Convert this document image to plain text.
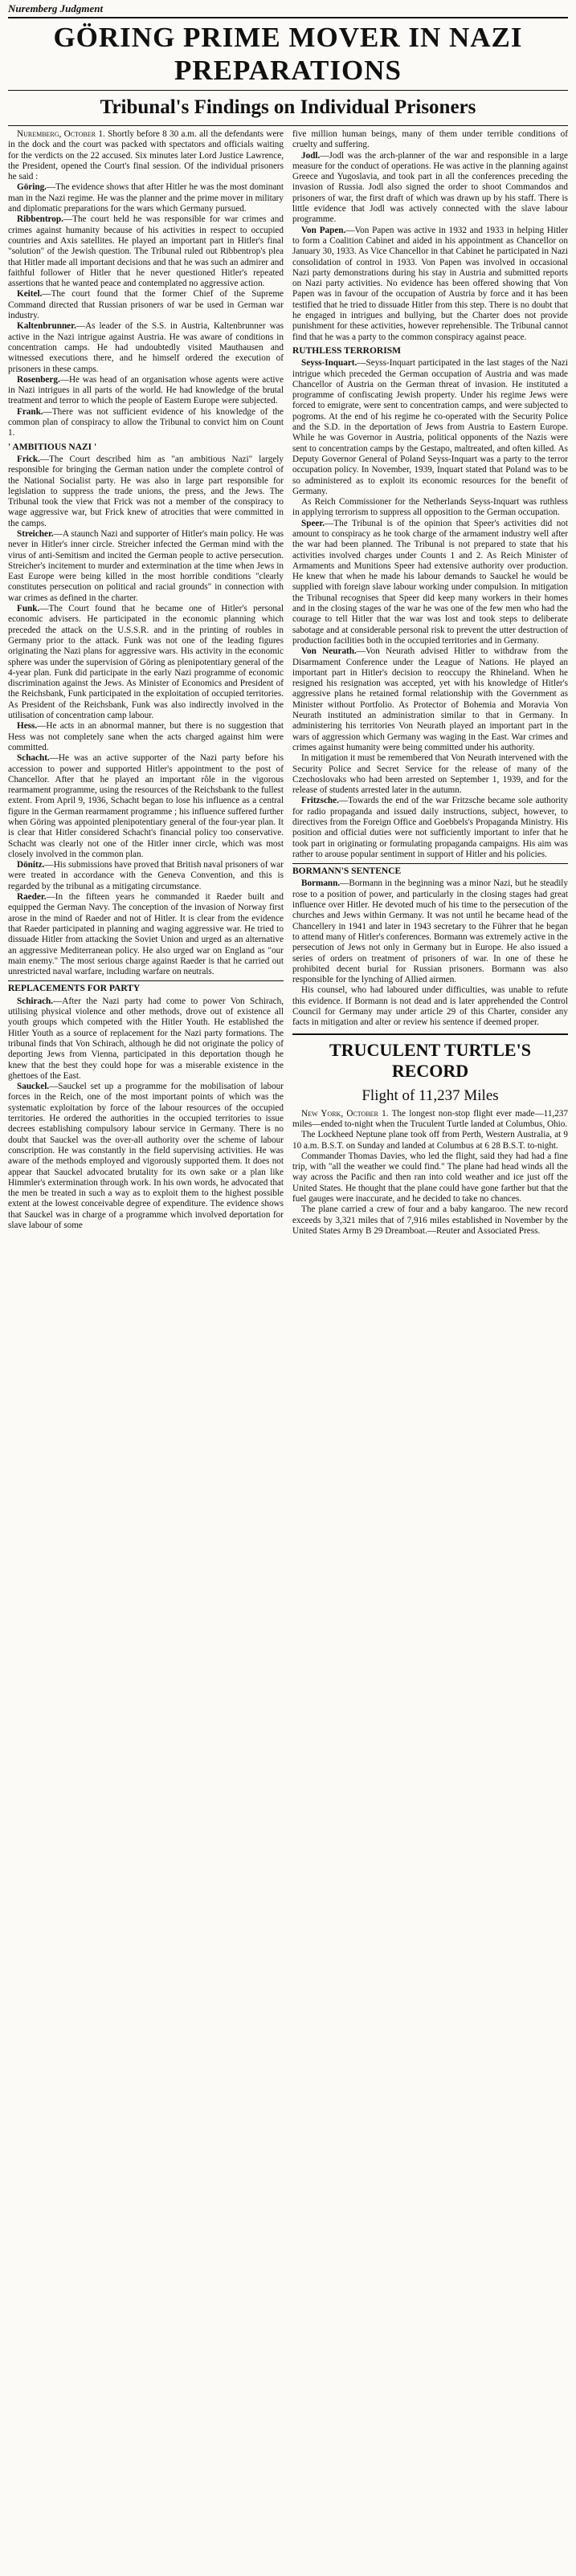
Nuremberg Judgment
GÖRING PRIME MOVER IN NAZI PREPARATIONS
Tribunal's Findings on Individual Prisoners

Nuremberg, October 1. Shortly before 8 30 a.m. all the defendants were in the dock and the court was packed with spectators and officials waiting for the verdicts on the 22 accused. Six minutes later Lord Justice Lawrence, the President, opened the Court's final session. Of the individual prisoners he said :

Göring.—The evidence shows that after Hitler he was the most dominant man in the Nazi regime. He was the planner and the prime mover in military and diplomatic preparations for the wars which Germany pursued.

Ribbentrop.—The court held he was responsible for war crimes and crimes against humanity because of his activities in respect to occupied countries and Axis satellites. He played an important part in Hitler's final "solution" of the Jewish question. The Tribunal ruled out Ribbentrop's plea that Hitler made all important decisions and that he was such an admirer and faithful follower of Hitler that he never questioned Hitler's repeated assertions that he wanted peace and contemplated no aggressive action.

Keitel.—The court found that the former Chief of the Supreme Command directed that Russian prisoners of war be used in German war industry.

Kaltenbrunner.—As leader of the S.S. in Austria, Kaltenbrunner was active in the Nazi intrigue against Austria. He was aware of conditions in concentration camps. He had undoubtedly visited Mauthausen and witnessed executions there, and he himself ordered the execution of prisoners in these camps.

Rosenberg.—He was head of an organisation whose agents were active in Nazi intrigues in all parts of the world. He had knowledge of the brutal treatment and terror to which the people of Eastern Europe were subjected.

Frank.—There was not sufficient evidence of his knowledge of the common plan of conspiracy to allow the Tribunal to convict him on Count 1.

' AMBITIOUS NAZI '

Frick.—The Court described him as "an ambitious Nazi" largely responsible for bringing the German nation under the complete control of the National Socialist party. He was also in large part responsible for legislation to suppress the trade unions, the press, and the Jews. The Tribunal took the view that Frick was not a member of the conspiracy to wage aggressive war, but Frick knew of atrocities that were committed in the camps.

Streicher.—A staunch Nazi and supporter of Hitler's main policy. He was never in Hitler's inner circle. Streicher infected the German mind with the virus of anti-Semitism and incited the German people to active persecution. Streicher's incitement to murder and extermination at the time when Jews in East Europe were being killed in the most horrible conditions "clearly constitutes persecution on political and racial grounds" in connection with war crimes as defined in the charter.

Funk.—The Court found that he became one of Hitler's personal economic advisers. He participated in the economic planning which preceded the attack on the U.S.S.R. and in the printing of roubles in Germany prior to the attack. Funk was not one of the leading figures originating the Nazi plans for aggressive wars. His activity in the economic sphere was under the supervision of Göring as plenipotentiary general of the 4-year plan. Funk did participate in the early Nazi programme of economic discrimination against the Jews. As Minister of Economics and President of the Reichsbank, Funk participated in the exploitation of occupied territories. As President of the Reichsbank, Funk was also indirectly involved in the utilisation of concentration camp labour.

Hess.—He acts in an abnormal manner, but there is no suggestion that Hess was not completely sane when the acts charged against him were committed.

Schacht.—He was an active supporter of the Nazi party before his accession to power and supported Hitler's appointment to the post of Chancellor. After that he played an important rôle in the vigorous rearmament programme, using the resources of the Reichsbank to the fullest extent. From April 9, 1936, Schacht began to lose his influence as a central figure in the German rearmament programme ; his influence suffered further when Göring was appointed plenipotentiary general of the four-year plan. It is clear that Hitler considered Schacht's financial policy too conservative. Schacht was clearly not one of the Hitler inner circle, which was most closely involved in the common plan.

Dönitz.—His submissions have proved that British naval prisoners of war were treated in accordance with the Geneva Convention, and this is regarded by the tribunal as a mitigating circumstance.

Raeder.—In the fifteen years he commanded it Raeder built and equipped the German Navy. The conception of the invasion of Norway first arose in the mind of Raeder and not of Hitler. It is clear from the evidence that Raeder participated in planning and waging aggressive war. He tried to dissuade Hitler from attacking the Soviet Union and urged as an alternative an aggressive Mediterranean policy. He also urged war on England as "our main enemy." The most serious charge against Raeder is that he carried out unrestricted naval warfare, including warfare on neutrals.

REPLACEMENTS FOR PARTY

Schirach.—After the Nazi party had come to power Von Schirach, utilising physical violence and other methods, drove out of existence all youth groups which competed with the Hitler Youth. He established the Hitler Youth as a source of replacement for the Nazi party formations. The tribunal finds that Von Schirach, although he did not originate the policy of deporting Jews from Vienna, participated in this deportation though he knew that the best they could hope for was a miserable existence in the ghettoes of the East.

Sauckel.—Sauckel set up a programme for the mobilisation of labour forces in the Reich, one of the most important points of which was the systematic exploitation by force of the labour resources of the occupied territories. He ordered the authorities in the occupied territories to issue decrees establishing compulsory labour service in Germany. There is no doubt that Sauckel was the over-all authority over the scheme of labour conscription. He was constantly in the field supervising activities. He was aware of the methods employed and vigorously supported them. It does not appear that Sauckel advocated brutality for its own sake or a plan like Himmler's extermination through work. In his own words, he advocated that the men be treated in such a way as to exploit them to the highest possible extent at the lowest conceivable degree of expenditure. The evidence shows that Sauckel was in charge of a programme which involved deportation for slave labour of some

five million human beings, many of them under terrible conditions of cruelty and suffering.

Jodl.—Jodl was the arch-planner of the war and responsible in a large measure for the conduct of operations. He was active in the planning against Greece and Yugoslavia, and took part in all the conferences preceding the invasion of Russia. Jodl also signed the order to shoot Commandos and prisoners of war, the first draft of which was drawn up by his staff. There is little evidence that Jodl was actively connected with the slave labour programme.

Von Papen.—Von Papen was active in 1932 and 1933 in helping Hitler to form a Coalition Cabinet and aided in his appointment as Chancellor on January 30, 1933. As Vice Chancellor in that Cabinet he participated in Nazi consolidation of control in 1933. Von Papen was involved in occasional Nazi party demonstrations during his stay in Austria and submitted reports on Nazi party activities. No evidence has been offered showing that Von Papen was in favour of the occupation of Austria by force and it has been testified that he tried to dissuade Hitler from this step. There is no doubt that he engaged in intrigues and bullying, but the Charter does not provide punishment for these activities, however reprehensible. The Tribunal cannot find that he was a party to the common conspiracy against peace.

RUTHLESS TERRORISM

Seyss-Inquart.—Seyss-Inquart participated in the last stages of the Nazi intrigue which preceded the German occupation of Austria and was made Chancellor of Austria on the German threat of invasion. He instituted a programme of confiscating Jewish property. Under his regime Jews were forced to emigrate, were sent to concentration camps, and were subjected to pogroms. At the end of his regime he co-operated with the Security Police and the S.D. in the deportation of Jews from Austria to Eastern Europe. While he was Governor in Austria, political opponents of the Nazis were sent to concentration camps by the Gestapo, maltreated, and often killed. As Deputy Governor General of Poland Seyss-Inquart was a party to the terror occupation policy. In November, 1939, Inquart stated that Poland was to be so administered as to exploit its economic resources for the benefit of Germany.

As Reich Commissioner for the Netherlands Seyss-Inquart was ruthless in applying terrorism to suppress all opposition to the German occupation.

Speer.—The Tribunal is of the opinion that Speer's activities did not amount to conspiracy as he took charge of the armament industry well after the war had been planned. The Tribunal is not prepared to state that his activities involved charges under Counts 1 and 2. As Reich Minister of Armaments and Munitions Speer had extensive authority over production. He knew that when he made his labour demands to Sauckel he would be supplied with foreign slave labour working under compulsion. In mitigation the Tribunal recognises that Speer did keep many workers in their homes and in the closing stages of the war he was one of the few men who had the courage to tell Hitler that the war was lost and took steps to deliberate sabotage and at considerable personal risk to prevent the utter destruction of production facilities both in the occupied territories and in Germany.

Von Neurath.—Von Neurath advised Hitler to withdraw from the Disarmament Conference under the League of Nations. He played an important part in Hitler's decision to reoccupy the Rhineland. When he resigned his resignation was accepted, yet with his knowledge of Hitler's aggressive plans he retained formal relationship with the Government as Minister without Portfolio. As Protector of Bohemia and Moravia Von Neurath instituted an administration similar to that in Germany. In administering his territories Von Neurath played an important part in the wars of aggression which Germany was waging in the East. War crimes and crimes against humanity were being committed under his authority.

In mitigation it must be remembered that Von Neurath intervened with the Security Police and Secret Service for the release of many of the Czechoslovaks who had been arrested on September 1, 1939, and for the release of students arrested later in the autumn.

Fritzsche.—Towards the end of the war Fritzsche became sole authority for radio propaganda and issued daily instructions, subject, however, to directives from the Foreign Office and Goebbels's Propaganda Ministry. His position and official duties were not sufficiently important to infer that he took part in originating or formulating propaganda campaigns. His aim was rather to arouse popular sentiment in support of Hitler and his policies.

BORMANN'S SENTENCE

Bormann.—Bormann in the beginning was a minor Nazi, but he steadily rose to a position of power, and particularly in the closing stages had great influence over Hitler. He devoted much of his time to the persecution of the churches and Jews within Germany. It was not until he became head of the Chancellery in 1941 and later in 1943 secretary to the Führer that he began to attend many of Hitler's conferences. Bormann was extremely active in the persecution of Jews not only in Germany but in Europe. He also issued a series of orders on treatment of prisoners of war. In one of these he prohibited decent burial for Russian prisoners. Bormann was also responsible for the lynching of Allied airmen.

His counsel, who had laboured under difficulties, was unable to refute this evidence. If Bormann is not dead and is later apprehended the Control Council for Germany may under article 29 of this Charter, consider any facts in mitigation and alter or review his sentence if deemed proper.

TRUCULENT TURTLE'S RECORD
Flight of 11,237 Miles

New York, October 1. The longest non-stop flight ever made—11,237 miles—ended to-night when the Truculent Turtle landed at Columbus, Ohio.

The Lockheed Neptune plane took off from Perth, Western Australia, at 9 10 a.m. B.S.T. on Sunday and landed at Columbus at 6 28 B.S.T. to-night.

Commander Thomas Davies, who led the flight, said they had had a fine trip, with "all the weather we could find." The plane had head winds all the way across the Pacific and then ran into cold weather and ice just off the United States. He thought that the plane could have gone farther but that the fuel gauges were inaccurate, and he decided to take no chances.

The plane carried a crew of four and a baby kangaroo. The new record exceeds by 3,321 miles that of 7,916 miles established in November by the United States Army B 29 Dreamboat.—Reuter and Associated Press.
